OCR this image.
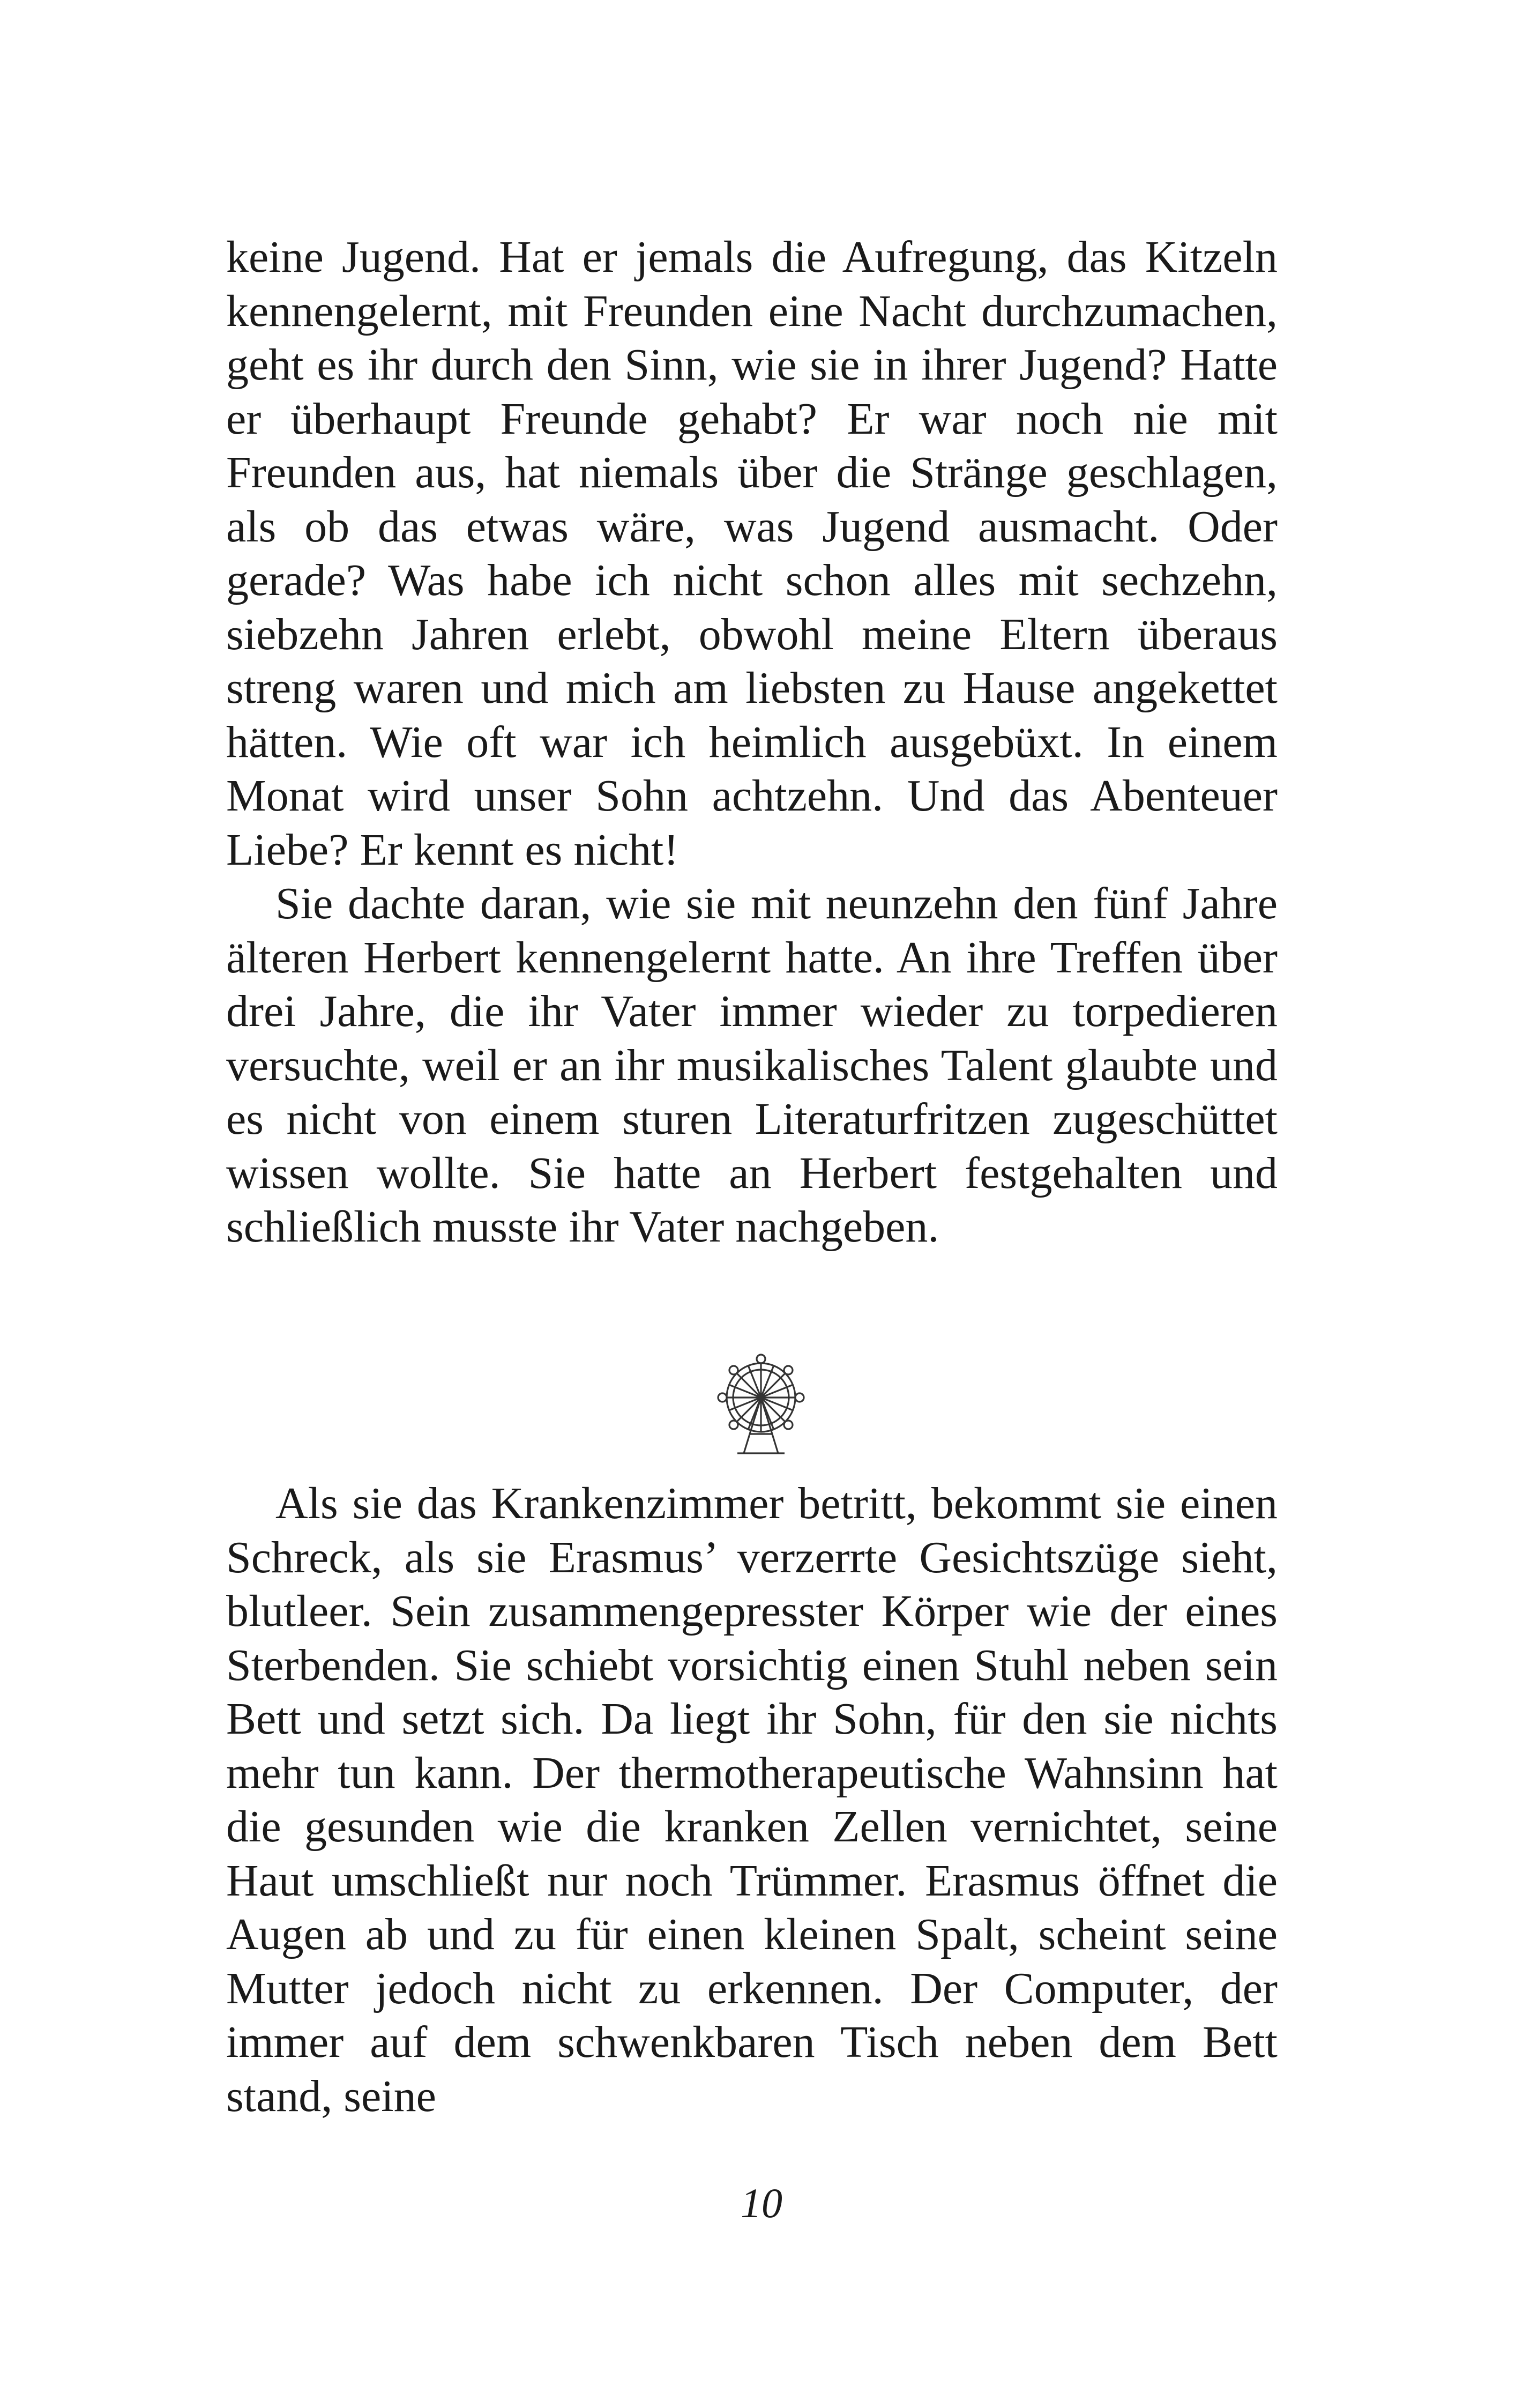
keine Jugend. Hat er jemals die Aufregung, das Kitzeln kennengelernt, mit Freunden eine Nacht durchzumachen, geht es ihr durch den Sinn, wie sie in ihrer Jugend? Hatte er überhaupt Freunde gehabt? Er war noch nie mit Freunden aus, hat niemals über die Stränge geschlagen, als ob das etwas wäre, was Jugend ausmacht. Oder gerade? Was habe ich nicht schon alles mit sechzehn, siebzehn Jahren erlebt, obwohl meine Eltern überaus streng waren und mich am liebsten zu Hause angekettet hätten. Wie oft war ich heimlich ausgebüxt. In einem Monat wird unser Sohn achtzehn. Und das Abenteuer Liebe? Er kennt es nicht!

Sie dachte daran, wie sie mit neunzehn den fünf Jahre älteren Herbert kennengelernt hatte. An ihre Treffen über drei Jahre, die ihr Vater immer wieder zu torpedieren versuchte, weil er an ihr musikalisches Talent glaubte und es nicht von einem sturen Literaturfritzen zugeschüttet wissen wollte. Sie hatte an Herbert festgehalten und schließlich musste ihr Vater nachgeben.

Als sie das Krankenzimmer betritt, bekommt sie einen Schreck, als sie Erasmus’ verzerrte Gesichtszüge sieht, blutleer. Sein zusammengepresster Körper wie der eines Sterbenden. Sie schiebt vorsichtig einen Stuhl neben sein Bett und setzt sich. Da liegt ihr Sohn, für den sie nichts mehr tun kann. Der thermotherapeutische Wahnsinn hat die gesunden wie die kranken Zellen vernichtet, seine Haut umschließt nur noch Trümmer. Erasmus öffnet die Augen ab und zu für einen kleinen Spalt, scheint seine Mutter jedoch nicht zu erkennen. Der Computer, der immer auf dem schwenkbaren Tisch neben dem Bett stand, seine

10
